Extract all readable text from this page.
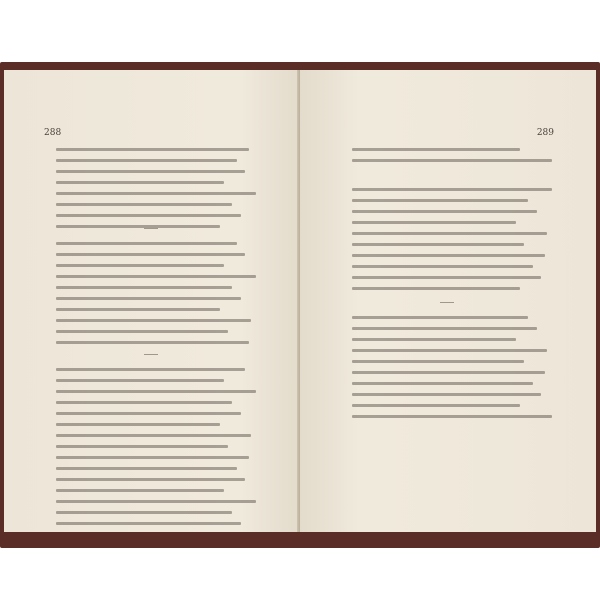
288	289
